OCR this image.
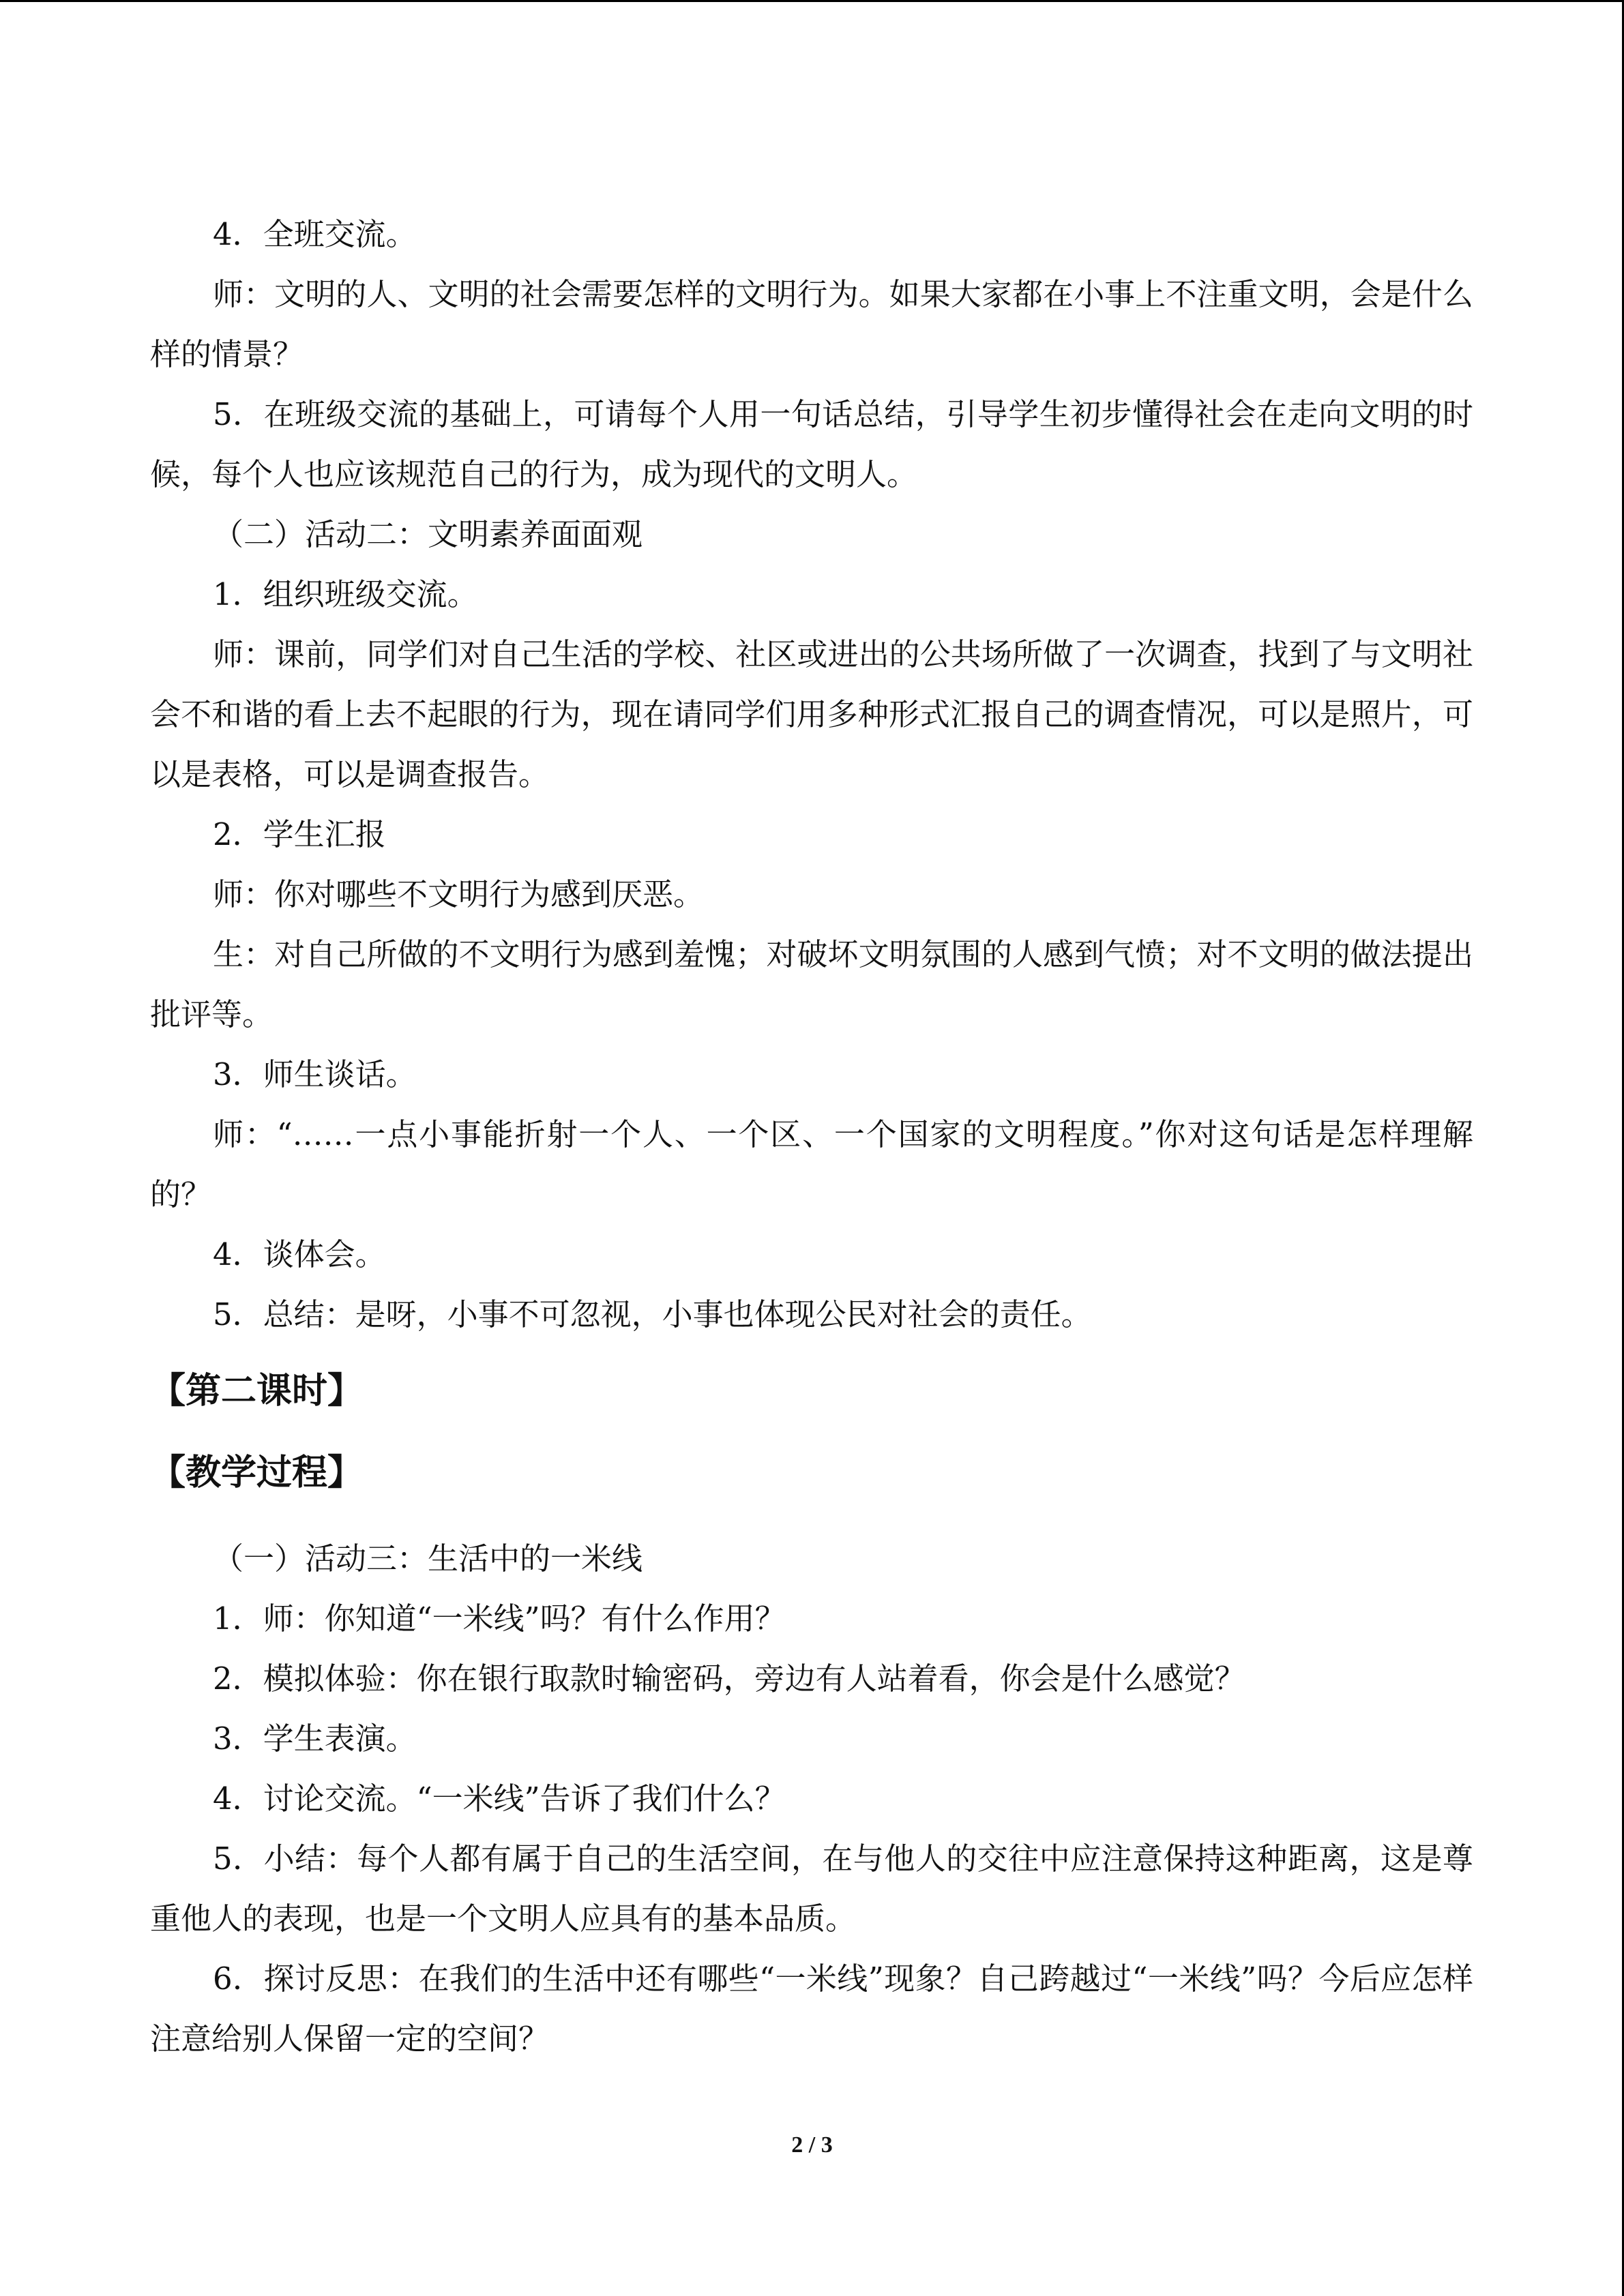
4．全班交流。

师：文明的人、文明的社会需要怎样的文明行为。如果大家都在小事上不注重文明，会是什么样的情景？

5．在班级交流的基础上，可请每个人用一句话总结，引导学生初步懂得社会在走向文明的时候，每个人也应该规范自己的行为，成为现代的文明人。

（二）活动二：文明素养面面观

1．组织班级交流。

师：课前，同学们对自己生活的学校、社区或进出的公共场所做了一次调查，找到了与文明社会不和谐的看上去不起眼的行为，现在请同学们用多种形式汇报自己的调查情况，可以是照片，可以是表格，可以是调查报告。

2．学生汇报

师：你对哪些不文明行为感到厌恶。

生：对自己所做的不文明行为感到羞愧；对破坏文明氛围的人感到气愤；对不文明的做法提出批评等。

3．师生谈话。

师：“……一点小事能折射一个人、一个区、一个国家的文明程度。”你对这句话是怎样理解的？

4．谈体会。

5．总结：是呀，小事不可忽视，小事也体现公民对社会的责任。

【第二课时】
【教学过程】

（一）活动三：生活中的一米线

1．师：你知道“一米线”吗？有什么作用？

2．模拟体验：你在银行取款时输密码，旁边有人站着看，你会是什么感觉？

3．学生表演。

4．讨论交流。“一米线”告诉了我们什么？

5．小结：每个人都有属于自己的生活空间，在与他人的交往中应注意保持这种距离，这是尊重他人的表现，也是一个文明人应具有的基本品质。

6．探讨反思：在我们的生活中还有哪些“一米线”现象？自己跨越过“一米线”吗？今后应怎样注意给别人保留一定的空间？

2 / 3
